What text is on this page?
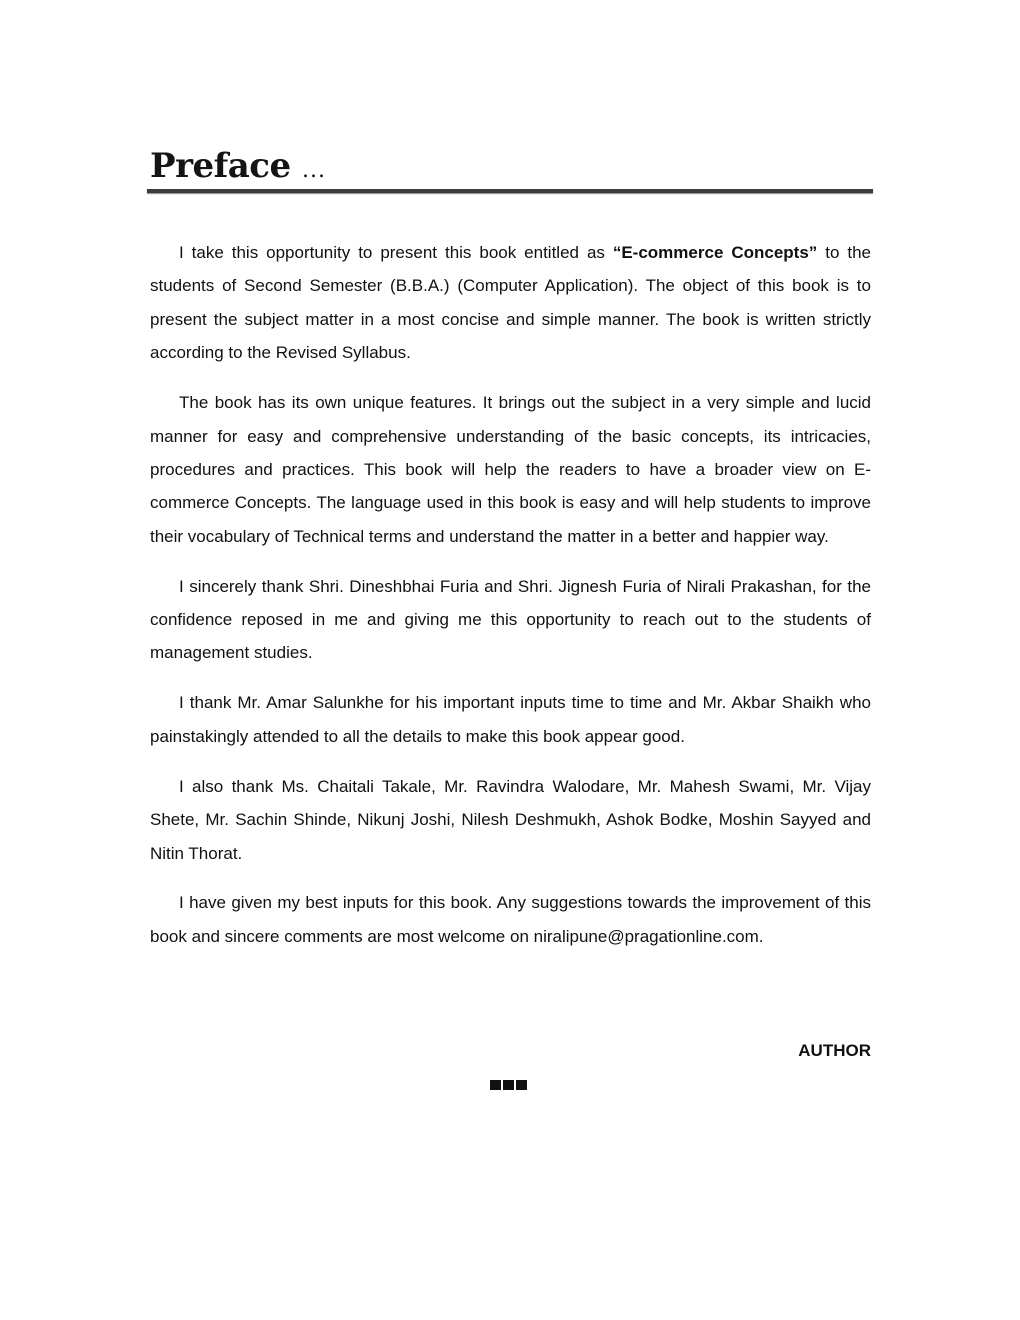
Preface ...

I take this opportunity to present this book entitled as “E-commerce Concepts” to the students of Second Semester (B.B.A.) (Computer Application). The object of this book is to present the subject matter in a most concise and simple manner. The book is written strictly according to the Revised Syllabus.

The book has its own unique features. It brings out the subject in a very simple and lucid manner for easy and comprehensive understanding of the basic concepts, its intricacies, procedures and practices. This book will help the readers to have a broader view on E-commerce Concepts. The language used in this book is easy and will help students to improve their vocabulary of Technical terms and understand the matter in a better and happier way.

I sincerely thank Shri. Dineshbhai Furia and Shri. Jignesh Furia of Nirali Prakashan, for the confidence reposed in me and giving me this opportunity to reach out to the students of management studies.

I thank Mr. Amar Salunkhe for his important inputs time to time and Mr. Akbar Shaikh who painstakingly attended to all the details to make this book appear good.

I also thank Ms. Chaitali Takale, Mr. Ravindra Walodare, Mr. Mahesh Swami, Mr. Vijay Shete, Mr. Sachin Shinde, Nikunj Joshi, Nilesh Deshmukh, Ashok Bodke, Moshin Sayyed and Nitin Thorat.

I have given my best inputs for this book. Any suggestions towards the improvement of this book and sincere comments are most welcome on niralipune@pragationline.com.

AUTHOR
